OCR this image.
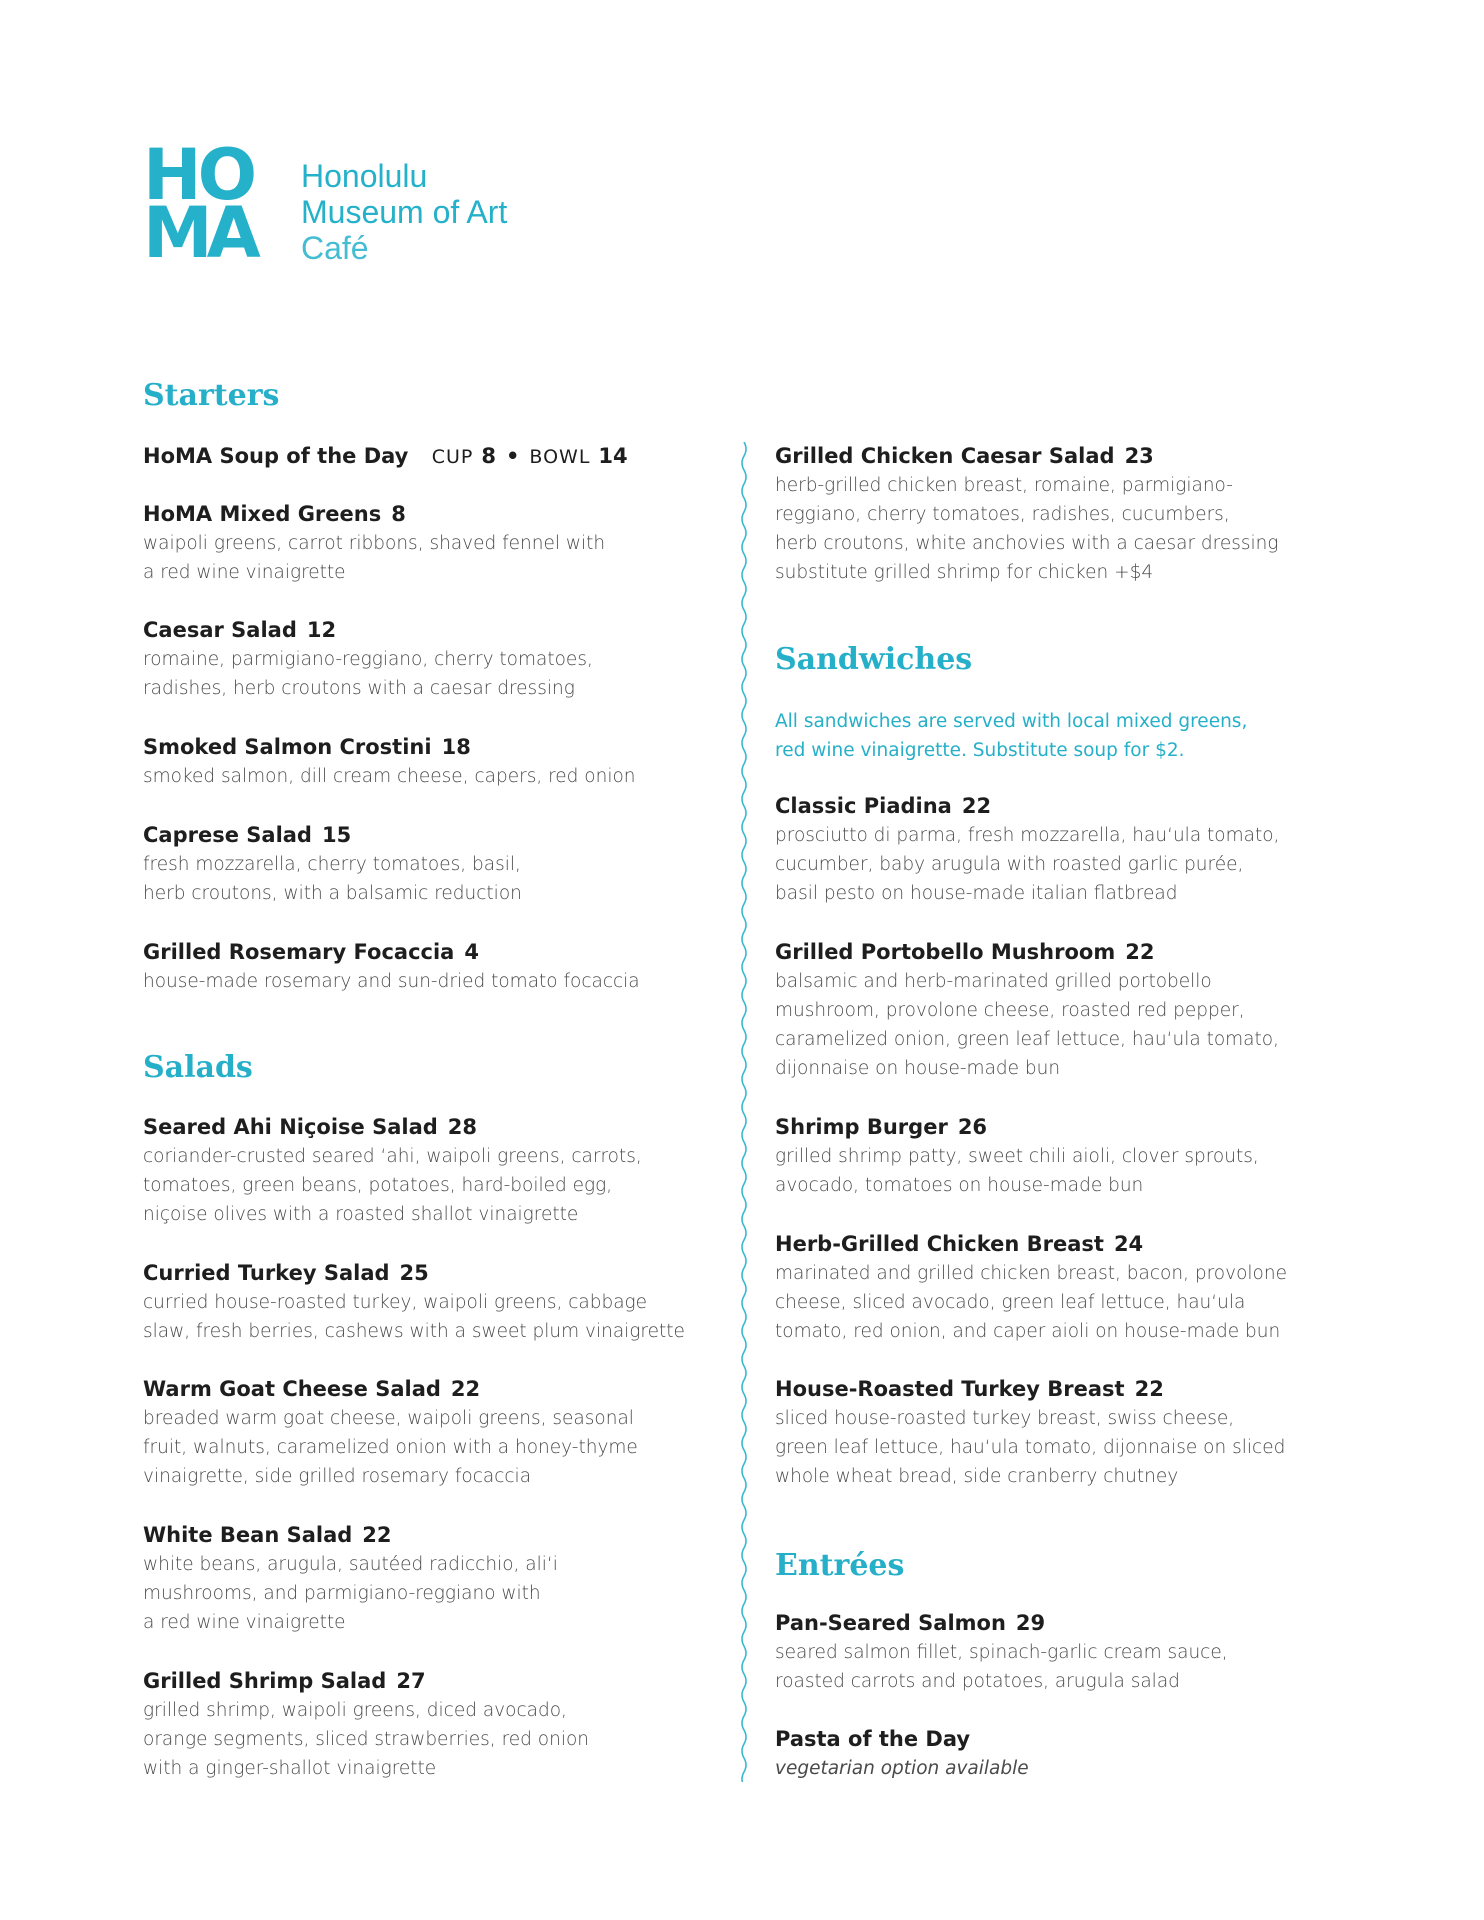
HO
MA
Honolulu
Museum of Art
Café
Starters
HoMA Soup of the Day CUP 8 • BOWL 14
HoMA Mixed Greens 8
waipoli greens, carrot ribbons, shaved fennel with
a red wine vinaigrette
Caesar Salad 12
romaine, parmigiano-reggiano, cherry tomatoes,
radishes, herb croutons with a caesar dressing
Smoked Salmon Crostini 18
smoked salmon, dill cream cheese, capers, red onion
Caprese Salad 15
fresh mozzarella, cherry tomatoes, basil,
herb croutons, with a balsamic reduction
Grilled Rosemary Focaccia 4
house-made rosemary and sun-dried tomato focaccia
Salads
Seared Ahi Niçoise Salad 28
coriander-crusted seared ‘ahi, waipoli greens, carrots,
tomatoes, green beans, potatoes, hard-boiled egg,
niçoise olives with a roasted shallot vinaigrette
Curried Turkey Salad 25
curried house-roasted turkey, waipoli greens, cabbage
slaw, fresh berries, cashews with a sweet plum vinaigrette
Warm Goat Cheese Salad 22
breaded warm goat cheese, waipoli greens, seasonal
fruit, walnuts, caramelized onion with a honey-thyme
vinaigrette, side grilled rosemary focaccia
White Bean Salad 22
white beans, arugula, sautéed radicchio, ali‘i
mushrooms, and parmigiano-reggiano with
a red wine vinaigrette
Grilled Shrimp Salad 27
grilled shrimp, waipoli greens, diced avocado,
orange segments, sliced strawberries, red onion
with a ginger-shallot vinaigrette
Grilled Chicken Caesar Salad 23
herb-grilled chicken breast, romaine, parmigiano-
reggiano, cherry tomatoes, radishes, cucumbers,
herb croutons, white anchovies with a caesar dressing
substitute grilled shrimp for chicken +$4
Sandwiches
All sandwiches are served with local mixed greens,
red wine vinaigrette. Substitute soup for $2.
Classic Piadina 22
prosciutto di parma, fresh mozzarella, hau‘ula tomato,
cucumber, baby arugula with roasted garlic purée,
basil pesto on house-made italian flatbread
Grilled Portobello Mushroom 22
balsamic and herb-marinated grilled portobello
mushroom, provolone cheese, roasted red pepper,
caramelized onion, green leaf lettuce, hau‘ula tomato,
dijonnaise on house-made bun
Shrimp Burger 26
grilled shrimp patty, sweet chili aioli, clover sprouts,
avocado, tomatoes on house-made bun
Herb-Grilled Chicken Breast 24
marinated and grilled chicken breast, bacon, provolone
cheese, sliced avocado, green leaf lettuce, hau‘ula
tomato, red onion, and caper aioli on house-made bun
House-Roasted Turkey Breast 22
sliced house-roasted turkey breast, swiss cheese,
green leaf lettuce, hau‘ula tomato, dijonnaise on sliced
whole wheat bread, side cranberry chutney
Entrées
Pan-Seared Salmon 29
seared salmon fillet, spinach-garlic cream sauce,
roasted carrots and potatoes, arugula salad
Pasta of the Day
vegetarian option available
